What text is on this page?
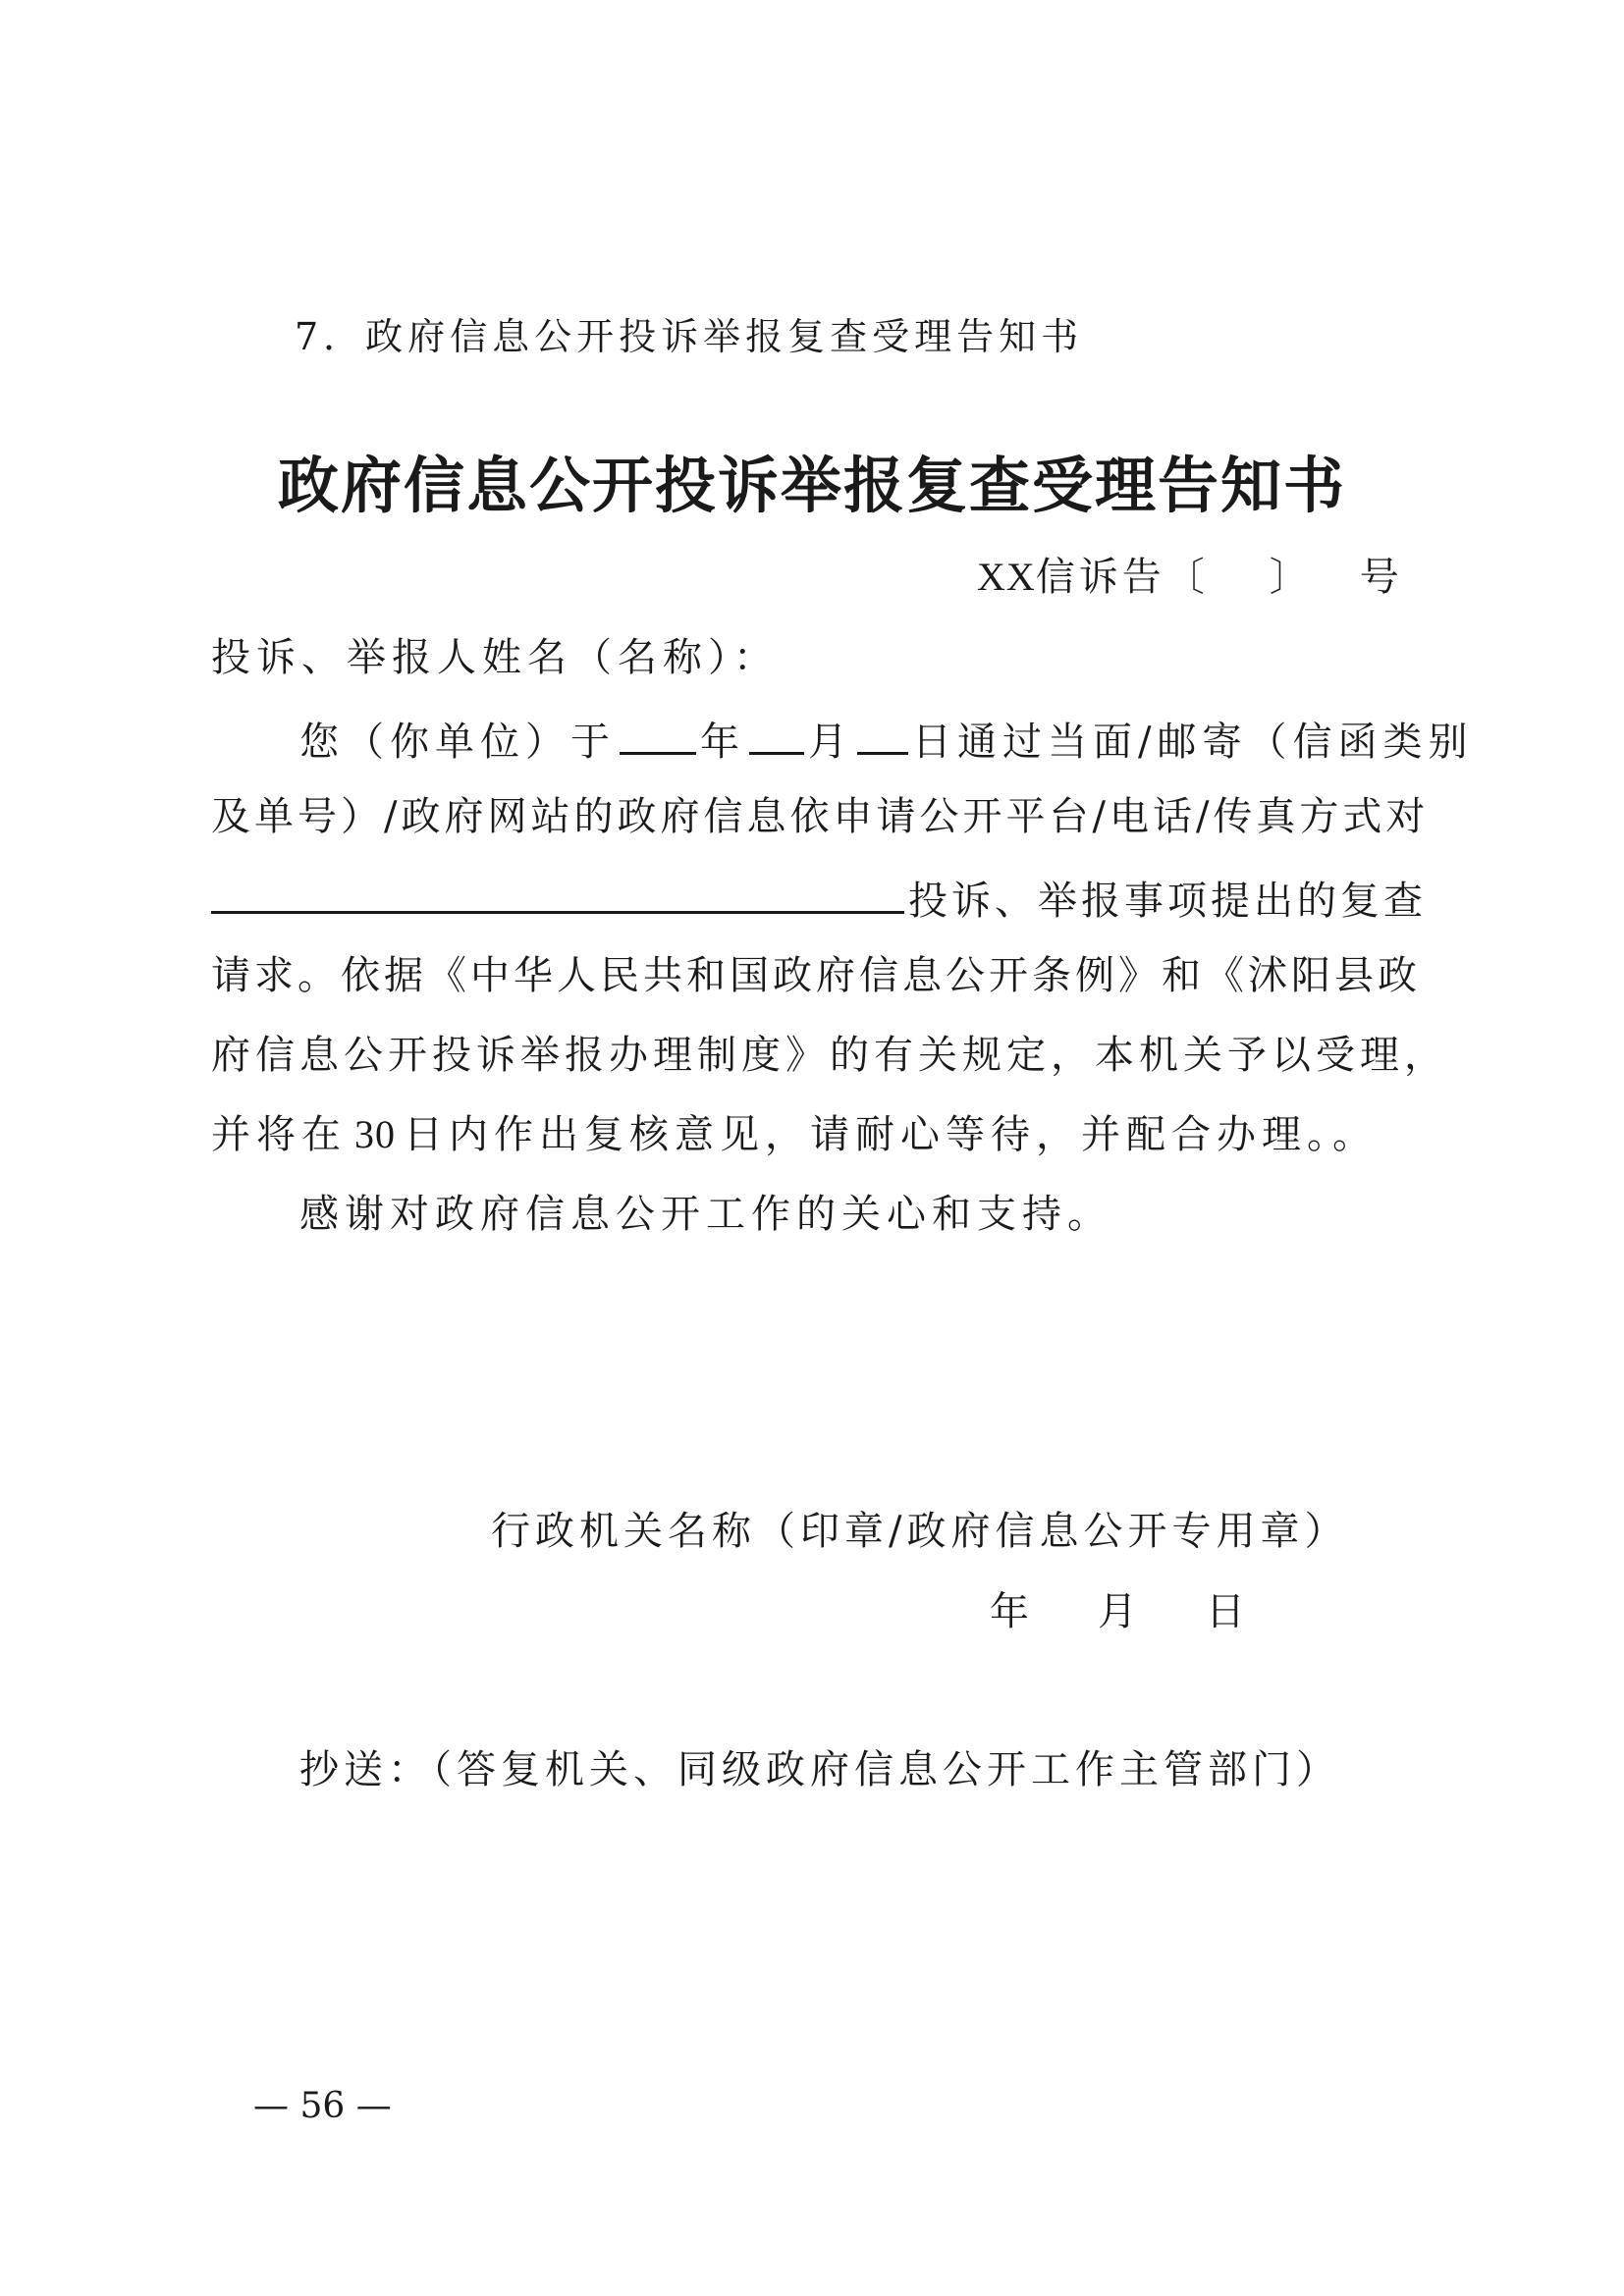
7．政府信息公开投诉举报复查受理告知书
政府信息公开投诉举报复查受理告知书
XX信诉告〔 〕 号
投诉、举报人姓名（名称）：
您（你单位）于 年 月 日通过当面/邮寄（信函类别
及单号）/政府网站的政府信息依申请公开平台/电话/传真方式对
投诉、举报事项提出的复查
请求。依据《中华人民共和国政府信息公开条例》和《沭阳县政
府信息公开投诉举报办理制度》的有关规定，本机关予以受理，
并将在 30 日内作出复核意见，请耐心等待，并配合办理。。
感谢对政府信息公开工作的关心和支持。
行政机关名称（印章/政府信息公开专用章）
年 月 日
抄送：（答复机关、同级政府信息公开工作主管部门）
— 56 —
